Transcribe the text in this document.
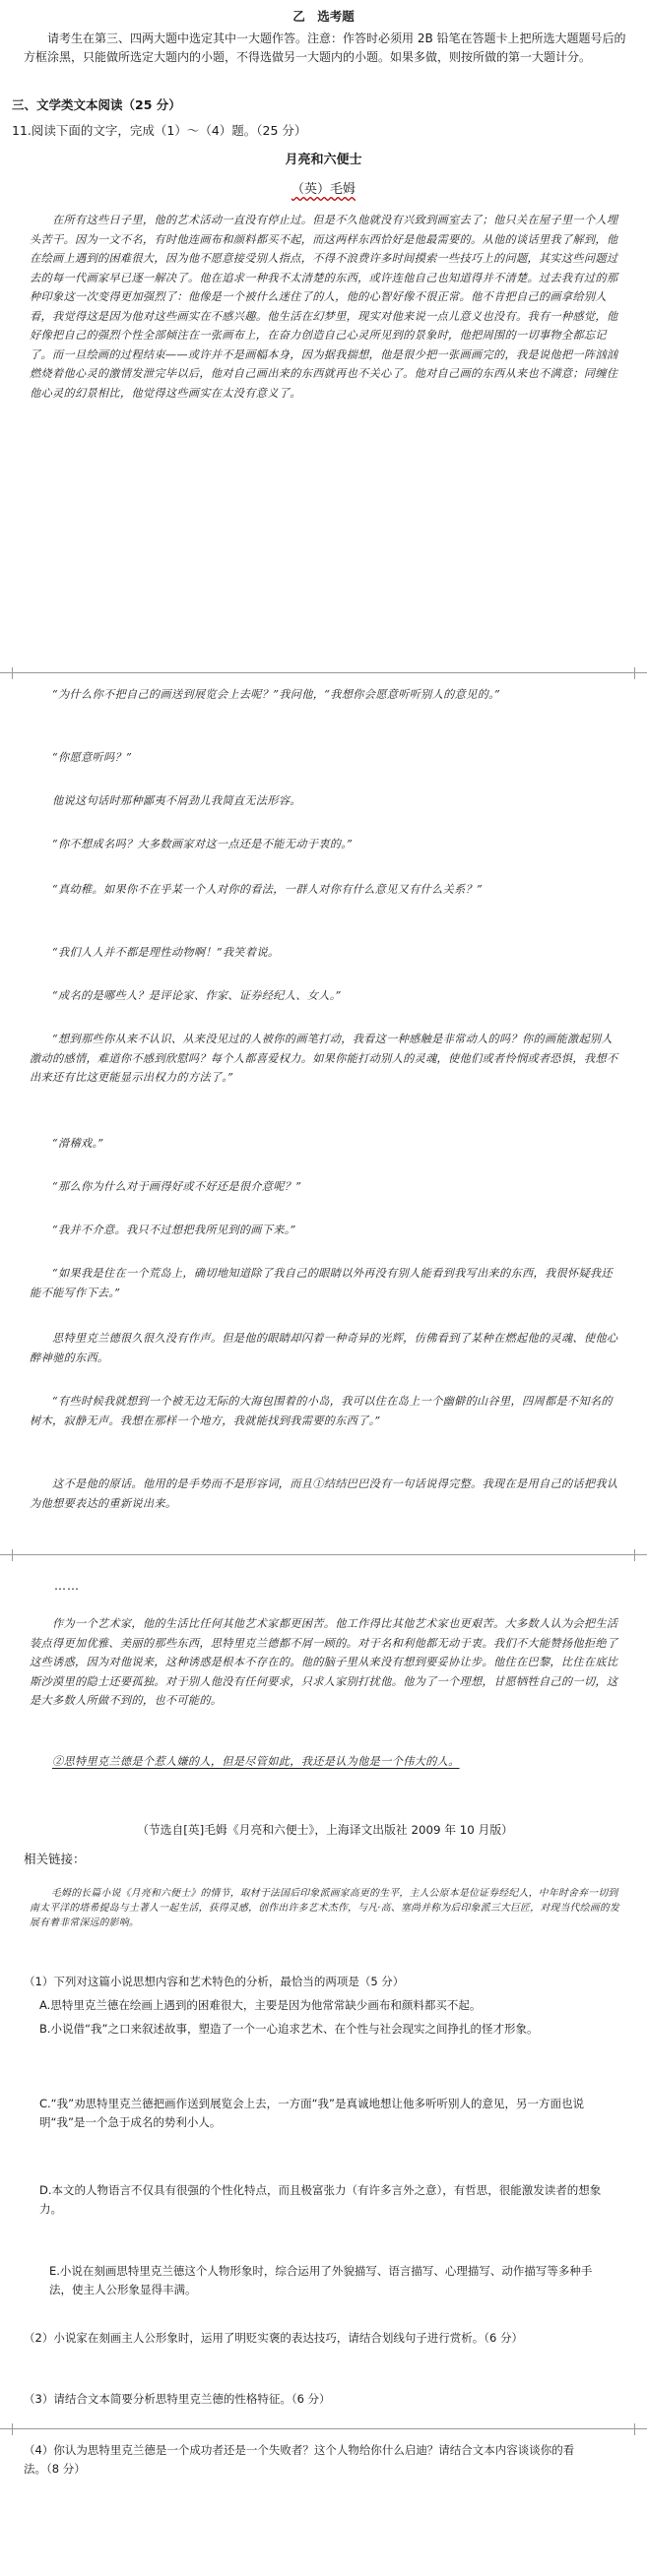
乙　选考题
请考生在第三、四两大题中选定其中一大题作答。注意：作答时必须用 2B 铅笔在答题卡上把所选大题题号后的方框涂黑，只能做所选定大题内的小题，不得选做另一大题内的小题。如果多做，则按所做的第一大题计分。
三、文学类文本阅读（25 分）
11.阅读下面的文字，完成（1）～（4）题。（25 分）
月亮和六便士
（英）毛姆
在所有这些日子里，他的艺术活动一直没有停止过。但是不久他就没有兴致到画室去了；他只关在屋子里一个人埋头苦干。因为一文不名，有时他连画布和颜料都买不起，而这两样东西恰好是他最需要的。从他的谈话里我了解到，他在绘画上遇到的困难很大，因为他不愿意接受别人指点，不得不浪费许多时间摸索一些技巧上的问题，其实这些问题过去的每一代画家早已逐一解决了。他在追求一种我不太清楚的东西，或许连他自己也知道得并不清楚。过去我有过的那种印象这一次变得更加强烈了：他像是一个被什么迷住了的人，他的心智好像不很正常。他不肯把自己的画拿给别人看，我觉得这是因为他对这些画实在不感兴趣。他生活在幻梦里，现实对他来说一点儿意义也没有。我有一种感觉，他好像把自己的强烈个性全部倾注在一张画布上，在奋力创造自己心灵所见到的景象时，他把周围的一切事物全都忘记了。而一旦绘画的过程结束——或许并不是画幅本身，因为据我揣想，他是很少把一张画画完的，我是说他把一阵汹汹燃烧着他心灵的激情发泄完毕以后，他对自己画出来的东西就再也不关心了。他对自己画的东西从来也不满意；同缠住他心灵的幻景相比，他觉得这些画实在太没有意义了。
“为什么你不把自己的画送到展览会上去呢？”我问他，“我想你会愿意听听别人的意见的。”
“你愿意听吗？”
他说这句话时那种鄙夷不屑劲儿我简直无法形容。
“你不想成名吗？大多数画家对这一点还是不能无动于衷的。”
“真幼稚。如果你不在乎某一个人对你的看法，一群人对你有什么意见又有什么关系？”
“我们人人并不都是理性动物啊！”我笑着说。
“成名的是哪些人？是评论家、作家、证券经纪人、女人。”
“想到那些你从来不认识、从来没见过的人被你的画笔打动，我看这一种感触是非常动人的吗？你的画能激起别人激动的感情，难道你不感到欣慰吗？每个人都喜爱权力。如果你能打动别人的灵魂，使他们或者怜悯或者恐惧，我想不出来还有比这更能显示出权力的方法了。”
“滑稽戏。”
“那么你为什么对于画得好或不好还是很介意呢？”
“我并不介意。我只不过想把我所见到的画下来。”
“如果我是住在一个荒岛上，确切地知道除了我自己的眼睛以外再没有别人能看到我写出来的东西，我很怀疑我还能不能写作下去。”
思特里克兰德很久很久没有作声。但是他的眼睛却闪着一种奇异的光辉，仿佛看到了某种在燃起他的灵魂、使他心醉神驰的东西。
“有些时候我就想到一个被无边无际的大海包围着的小岛，我可以住在岛上一个幽僻的山谷里，四周都是不知名的树木，寂静无声。我想在那样一个地方，我就能找到我需要的东西了。”
这不是他的原话。他用的是手势而不是形容词，而且①结结巴巴没有一句话说得完整。我现在是用自己的话把我认为他想要表达的重新说出来。
……
作为一个艺术家，他的生活比任何其他艺术家都更困苦。他工作得比其他艺术家也更艰苦。大多数人认为会把生活装点得更加优雅、美丽的那些东西，思特里克兰德都不屑一顾的。对于名和利他都无动于衷。我们不大能赞扬他拒绝了这些诱惑，因为对他说来，这种诱惑是根本不存在的。他的脑子里从来没有想到要妥协让步。他住在巴黎，比住在底比斯沙漠里的隐士还要孤独。对于别人他没有任何要求，只求人家别打扰他。他为了一个理想，甘愿牺牲自己的一切，这是大多数人所做不到的，也不可能的。
②思特里克兰德是个惹人嫌的人，但是尽管如此，我还是认为他是一个伟大的人。
（节选自[英]毛姆《月亮和六便士》，上海译文出版社 2009 年 10 月版）
相关链接：
毛姆的长篇小说《月亮和六便士》的情节，取材于法国后印象派画家高更的生平，主人公原本是位证券经纪人，中年时舍弃一切到南太平洋的塔希提岛与土著人一起生活，获得灵感，创作出许多艺术杰作，与凡·高、塞尚并称为后印象派三大巨匠，对现当代绘画的发展有着非常深远的影响。
（1）下列对这篇小说思想内容和艺术特色的分析，最恰当的两项是（5 分）
A.思特里克兰德在绘画上遇到的困难很大，主要是因为他常常缺少画布和颜料都买不起。
B.小说借“我”之口来叙述故事，塑造了一个一心追求艺术、在个性与社会现实之间挣扎的怪才形象。
C.“我”劝思特里克兰德把画作送到展览会上去，一方面“我”是真诚地想让他多听听别人的意见，另一方面也说明“我”是一个急于成名的势利小人。
D.本文的人物语言不仅具有很强的个性化特点，而且极富张力（有许多言外之意），有哲思，很能激发读者的想象力。
E.小说在刻画思特里克兰德这个人物形象时，综合运用了外貌描写、语言描写、心理描写、动作描写等多种手法，使主人公形象显得丰满。
（2）小说家在刻画主人公形象时，运用了明贬实褒的表达技巧，请结合划线句子进行赏析。（6 分）
（3）请结合文本简要分析思特里克兰德的性格特征。（6 分）
（4）你认为思特里克兰德是一个成功者还是一个失败者？这个人物给你什么启迪？请结合文本内容谈谈你的看法。（8 分）
